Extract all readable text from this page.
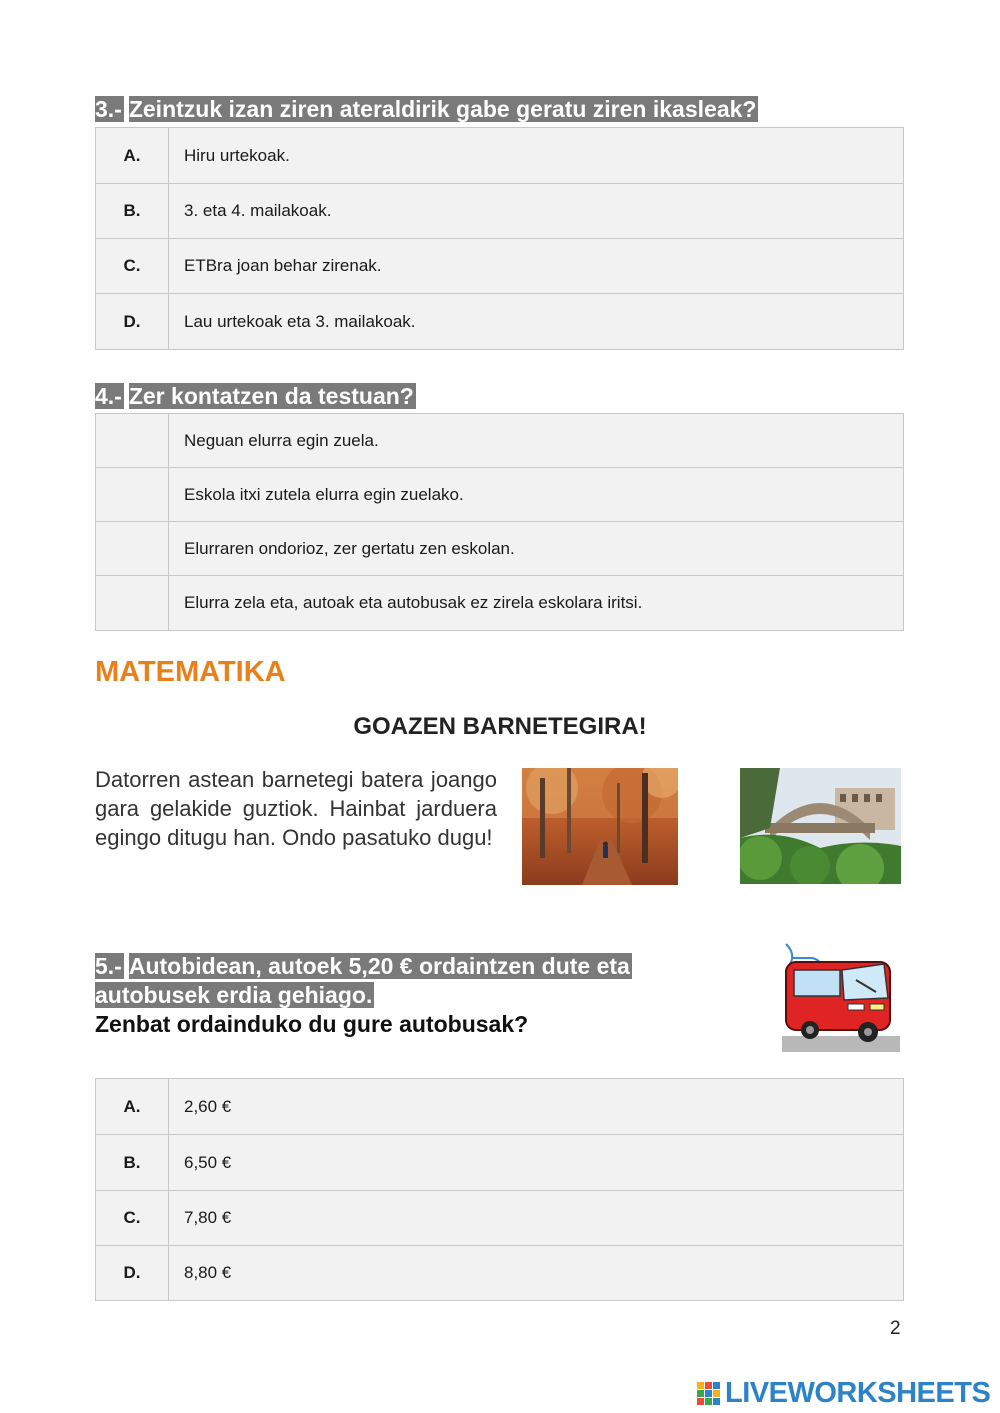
3.- Zeintzuk izan ziren ateraldirik gabe geratu ziren ikasleak?
A.	Hiru urtekoak.
B.	3. eta 4. mailakoak.
C.	ETBra joan behar zirenak.
D.	Lau urtekoak eta 3. mailakoak.
4.- Zer kontatzen da testuan?
	Neguan elurra egin zuela.
	Eskola itxi zutela elurra egin zuelako.
	Elurraren ondorioz, zer gertatu zen eskolan.
	Elurra zela eta, autoak eta autobusak ez zirela eskolara iritsi.
MATEMATIKA
GOAZEN BARNETEGIRA!
Datorren astean barnetegi batera joango gara gelakide guztiok. Hainbat jarduera egingo ditugu han. Ondo pasatuko dugu!
5.- Autobidean, autoek 5,20 € ordaintzen dute eta
autobusek erdia gehiago.
Zenbat ordainduko du gure autobusak?
A.	2,60 €
B.	6,50 €
C.	7,80 €
D.	8,80 €
2
LIVEWORKSHEETS
